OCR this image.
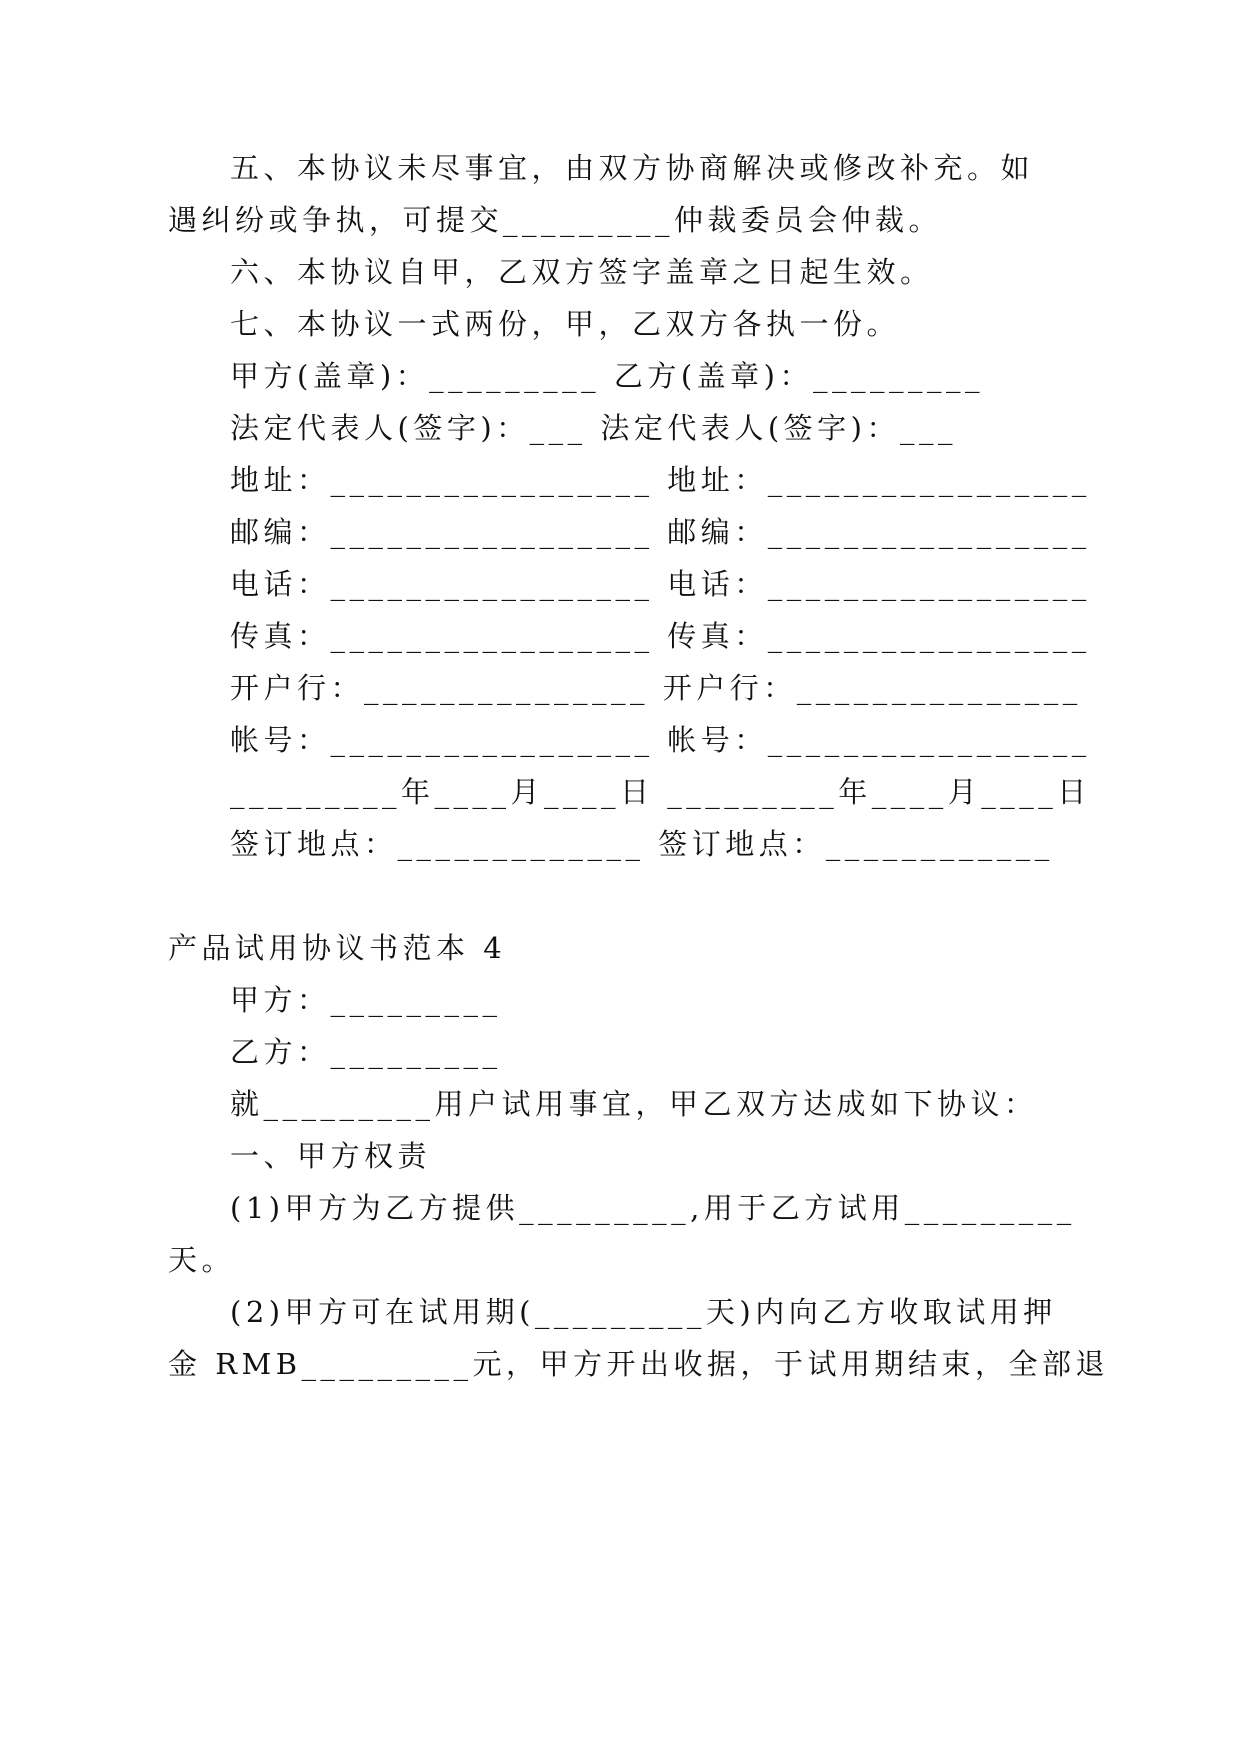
五、本协议未尽事宜，由双方协商解决或修改补充。如
遇纠纷或争执，可提交_________仲裁委员会仲裁。
六、本协议自甲，乙双方签字盖章之日起生效。
七、本协议一式两份，甲，乙双方各执一份。
甲方(盖章)：_________ 乙方(盖章)：_________
法定代表人(签字)：___ 法定代表人(签字)：___
地址：_________________ 地址：_________________
邮编：_________________ 邮编：_________________
电话：_________________ 电话：_________________
传真：_________________ 传真：_________________
开户行：_______________ 开户行：_______________
帐号：_________________ 帐号：_________________
_________年____月____日 _________年____月____日
签订地点：_____________ 签订地点：____________
产品试用协议书范本 4
甲方：_________
乙方：_________
就_________用户试用事宜，甲乙双方达成如下协议：
一、甲方权责
(1)甲方为乙方提供_________,用于乙方试用_________
天。
(2)甲方可在试用期(_________天)内向乙方收取试用押
金 RMB_________元，甲方开出收据，于试用期结束，全部退
